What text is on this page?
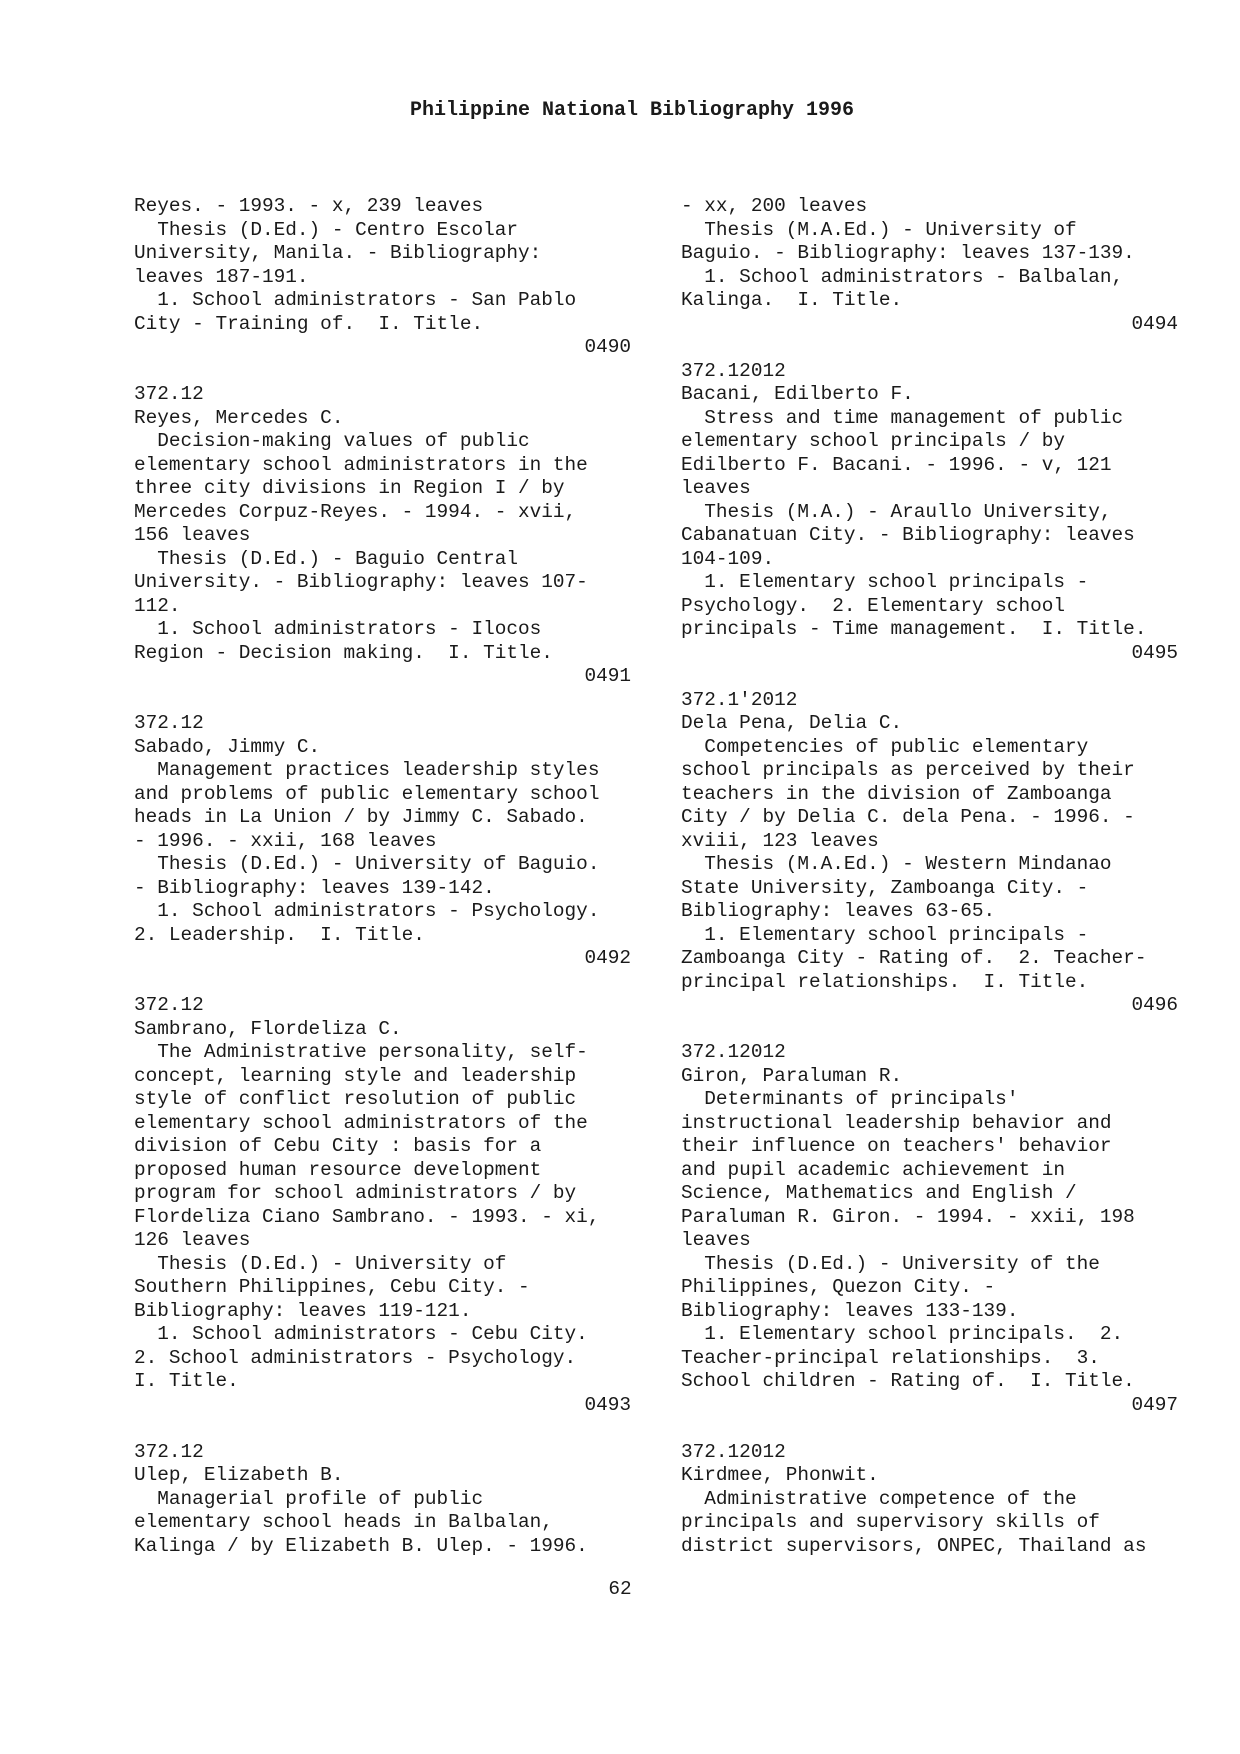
Philippine National Bibliography 1996

Reyes. - 1993. - x, 239 leaves
Thesis (D.Ed.) - Centro Escolar
University, Manila. - Bibliography:
leaves 187-191.
1. School administrators - San Pablo
City - Training of.  I. Title.
0490
372.12
Reyes, Mercedes C.
Decision-making values of public
elementary school administrators in the
three city divisions in Region I / by
Mercedes Corpuz-Reyes. - 1994. - xvii,
156 leaves
Thesis (D.Ed.) - Baguio Central
University. - Bibliography: leaves 107-
112.
1. School administrators - Ilocos
Region - Decision making.  I. Title.
0491
372.12
Sabado, Jimmy C.
Management practices leadership styles
and problems of public elementary school
heads in La Union / by Jimmy C. Sabado.
- 1996. - xxii, 168 leaves
Thesis (D.Ed.) - University of Baguio.
- Bibliography: leaves 139-142.
1. School administrators - Psychology.
2. Leadership.  I. Title.
0492
372.12
Sambrano, Flordeliza C.
The Administrative personality, self-
concept, learning style and leadership
style of conflict resolution of public
elementary school administrators of the
division of Cebu City : basis for a
proposed human resource development
program for school administrators / by
Flordeliza Ciano Sambrano. - 1993. - xi,
126 leaves
Thesis (D.Ed.) - University of
Southern Philippines, Cebu City. -
Bibliography: leaves 119-121.
1. School administrators - Cebu City.
2. School administrators - Psychology.
I. Title.
0493
372.12
Ulep, Elizabeth B.
Managerial profile of public
elementary school heads in Balbalan,
Kalinga / by Elizabeth B. Ulep. - 1996.
- xx, 200 leaves
Thesis (M.A.Ed.) - University of
Baguio. - Bibliography: leaves 137-139.
1. School administrators - Balbalan,
Kalinga.  I. Title.
0494
372.12012
Bacani, Edilberto F.
Stress and time management of public
elementary school principals / by
Edilberto F. Bacani. - 1996. - v, 121
leaves
Thesis (M.A.) - Araullo University,
Cabanatuan City. - Bibliography: leaves
104-109.
1. Elementary school principals -
Psychology.  2. Elementary school
principals - Time management.  I. Title.
0495
372.1'2012
Dela Pena, Delia C.
Competencies of public elementary
school principals as perceived by their
teachers in the division of Zamboanga
City / by Delia C. dela Pena. - 1996. -
xviii, 123 leaves
Thesis (M.A.Ed.) - Western Mindanao
State University, Zamboanga City. -
Bibliography: leaves 63-65.
1. Elementary school principals -
Zamboanga City - Rating of.  2. Teacher-
principal relationships.  I. Title.
0496
372.12012
Giron, Paraluman R.
Determinants of principals'
instructional leadership behavior and
their influence on teachers' behavior
and pupil academic achievement in
Science, Mathematics and English /
Paraluman R. Giron. - 1994. - xxii, 198
leaves
Thesis (D.Ed.) - University of the
Philippines, Quezon City. -
Bibliography: leaves 133-139.
1. Elementary school principals.  2.
Teacher-principal relationships.  3.
School children - Rating of.  I. Title.
0497
372.12012
Kirdmee, Phonwit.
Administrative competence of the
principals and supervisory skills of
district supervisors, ONPEC, Thailand as
62
